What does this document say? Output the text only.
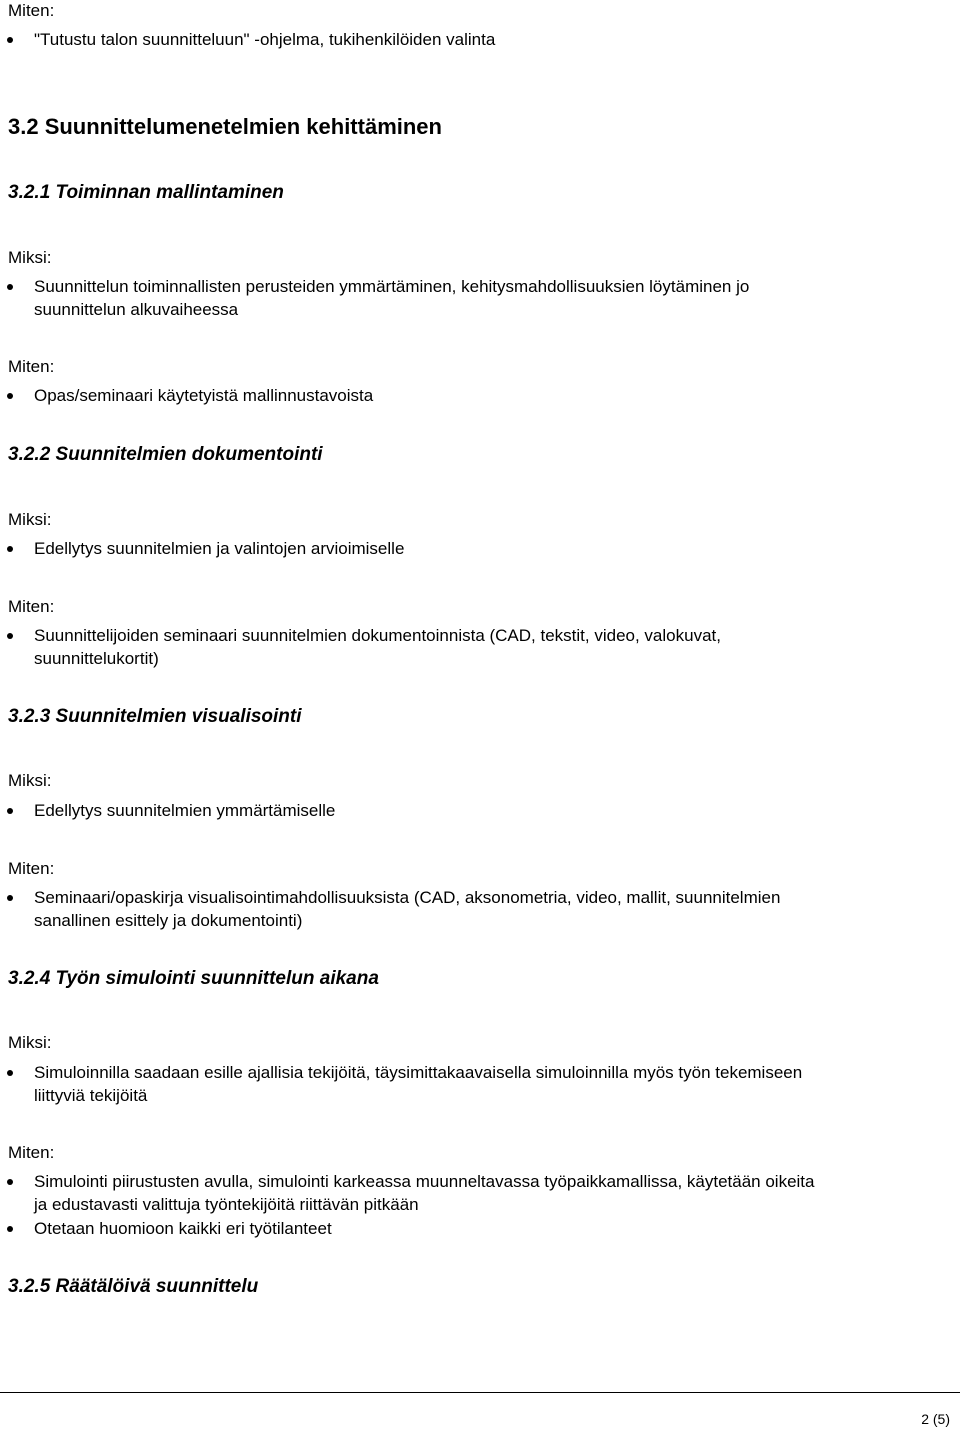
Miten:
"Tutustu talon suunnitteluun" -ohjelma, tukihenkilöiden valinta
3.2 Suunnittelumenetelmien kehittäminen
3.2.1 Toiminnan mallintaminen
Miksi:
Suunnittelun toiminnallisten perusteiden ymmärtäminen, kehitysmahdollisuuksien löytäminen jo
suunnittelun alkuvaiheessa
Miten:
Opas/seminaari käytetyistä mallinnustavoista
3.2.2 Suunnitelmien dokumentointi
Miksi:
Edellytys suunnitelmien ja valintojen arvioimiselle
Miten:
Suunnittelijoiden seminaari suunnitelmien dokumentoinnista (CAD, tekstit, video, valokuvat,
suunnittelukortit)
3.2.3 Suunnitelmien visualisointi
Miksi:
Edellytys suunnitelmien ymmärtämiselle
Miten:
Seminaari/opaskirja visualisointimahdollisuuksista (CAD, aksonometria, video, mallit, suunnitelmien
sanallinen esittely ja dokumentointi)
3.2.4 Työn simulointi suunnittelun aikana
Miksi:
Simuloinnilla saadaan esille ajallisia tekijöitä, täysimittakaavaisella simuloinnilla myös työn tekemiseen
liittyviä tekijöitä
Miten:
Simulointi piirustusten avulla, simulointi karkeassa muunneltavassa työpaikkamallissa, käytetään oikeita
ja edustavasti valittuja työntekijöitä riittävän pitkään
Otetaan huomioon kaikki eri työtilanteet
3.2.5 Räätälöivä suunnittelu
2 (5)
